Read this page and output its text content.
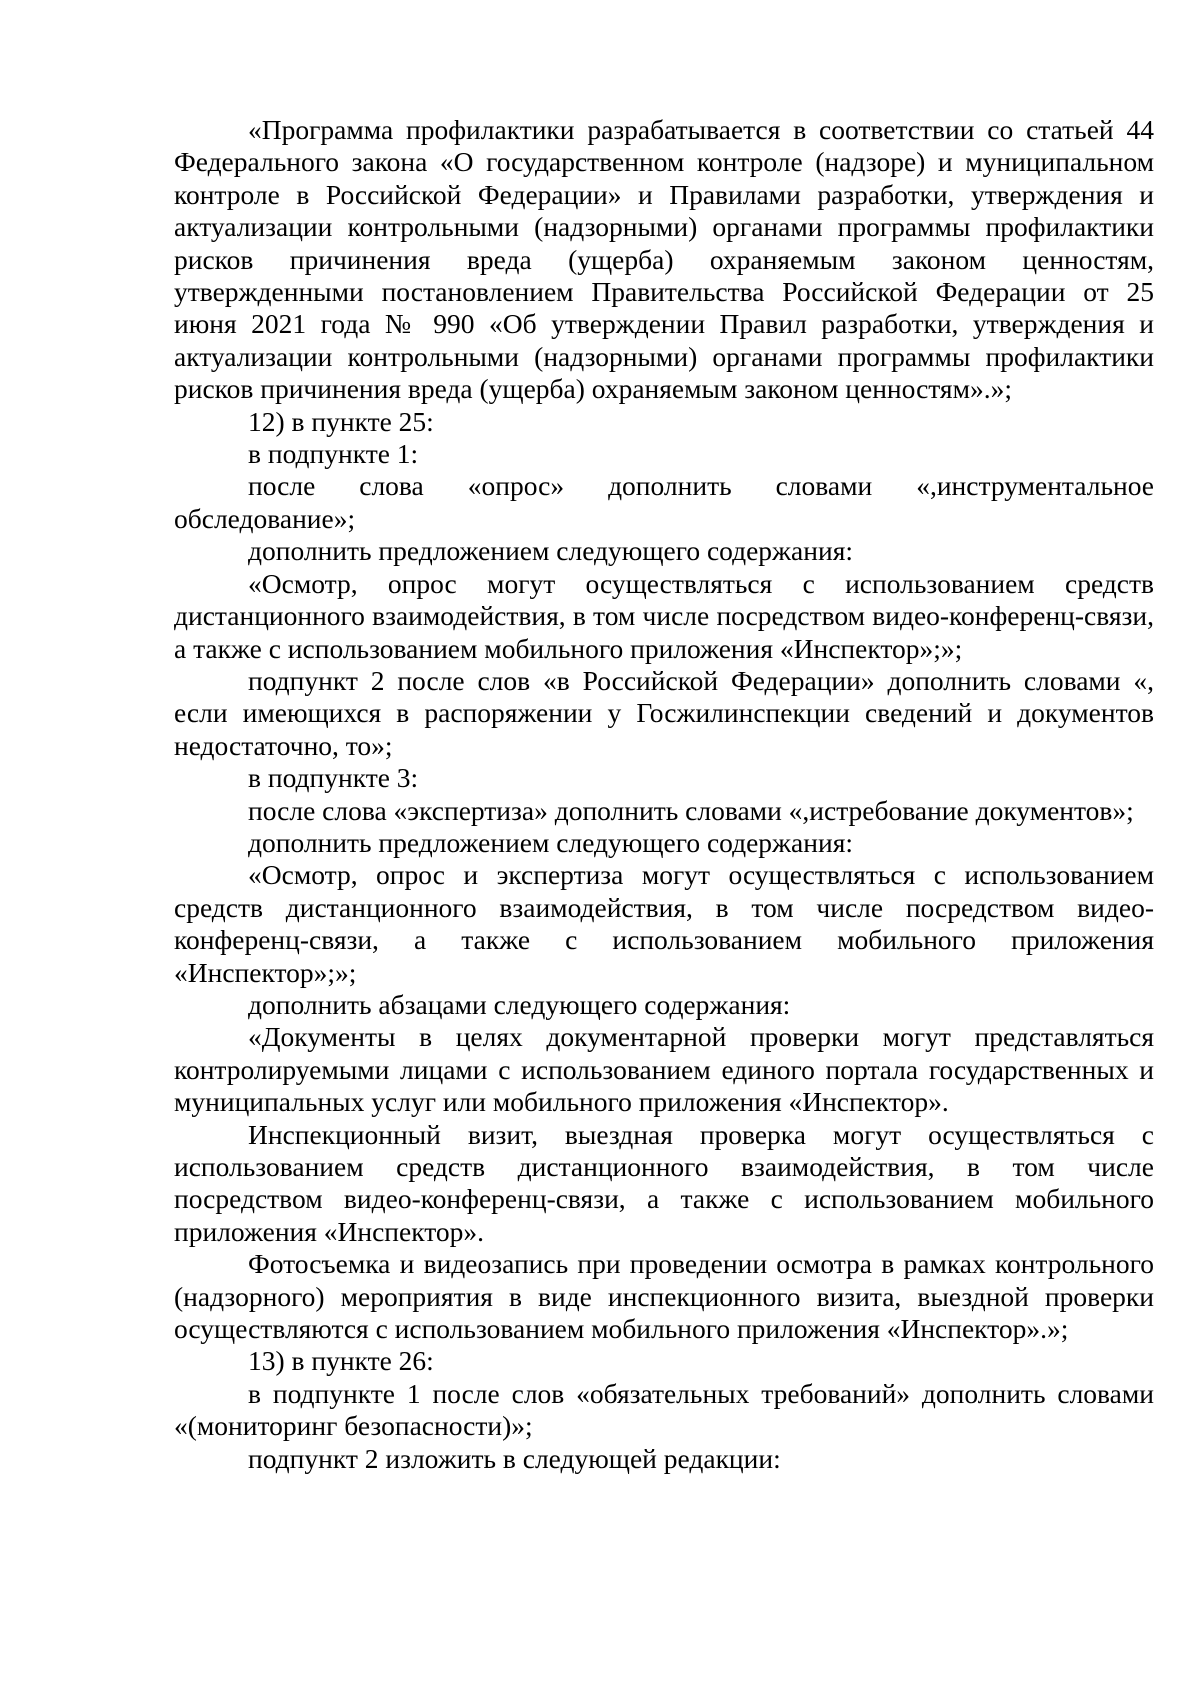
«Программа профилактики разрабатывается в соответствии со статьей 44 Федерального закона «О государственном контроле (надзоре) и муниципальном контроле в Российской Федерации» и Правилами разработки, утверждения и актуализации контрольными (надзорными) органами программы профилактики рисков причинения вреда (ущерба) охраняемым законом ценностям, утвержденными постановлением Правительства Российской Федерации от 25 июня 2021 года № 990 «Об утверждении Правил разработки, утверждения и актуализации контрольными (надзорными) органами программы профилактики рисков причинения вреда (ущерба) охраняемым законом ценностям».»;

12) в пункте 25:

в подпункте 1:

после слова «опрос» дополнить словами «,инструментальное обследование»;

дополнить предложением следующего содержания:

«Осмотр, опрос могут осуществляться с использованием средств дистанционного взаимодействия, в том числе посредством видео-конференц-связи, а также с использованием мобильного приложения «Инспектор»;»;

подпункт 2 после слов «в Российской Федерации» дополнить словами «, если имеющихся в распоряжении у Госжилинспекции сведений и документов недостаточно, то»;

в подпункте 3:

после слова «экспертиза» дополнить словами «,истребование документов»;

дополнить предложением следующего содержания:

«Осмотр, опрос и экспертиза могут осуществляться с использованием средств дистанционного взаимодействия, в том числе посредством видео-конференц-связи, а также с использованием мобильного приложения «Инспектор»;»;

дополнить абзацами следующего содержания:

«Документы в целях документарной проверки могут представляться контролируемыми лицами с использованием единого портала государственных и муниципальных услуг или мобильного приложения «Инспектор».

Инспекционный визит, выездная проверка могут осуществляться с использованием средств дистанционного взаимодействия, в том числе посредством видео-конференц-связи, а также с использованием мобильного приложения «Инспектор».

Фотосъемка и видеозапись при проведении осмотра в рамках контрольного (надзорного) мероприятия в виде инспекционного визита, выездной проверки осуществляются с использованием мобильного приложения «Инспектор».»;

13) в пункте 26:

в подпункте 1 после слов «обязательных требований» дополнить словами «(мониторинг безопасности)»;

подпункт 2 изложить в следующей редакции:
